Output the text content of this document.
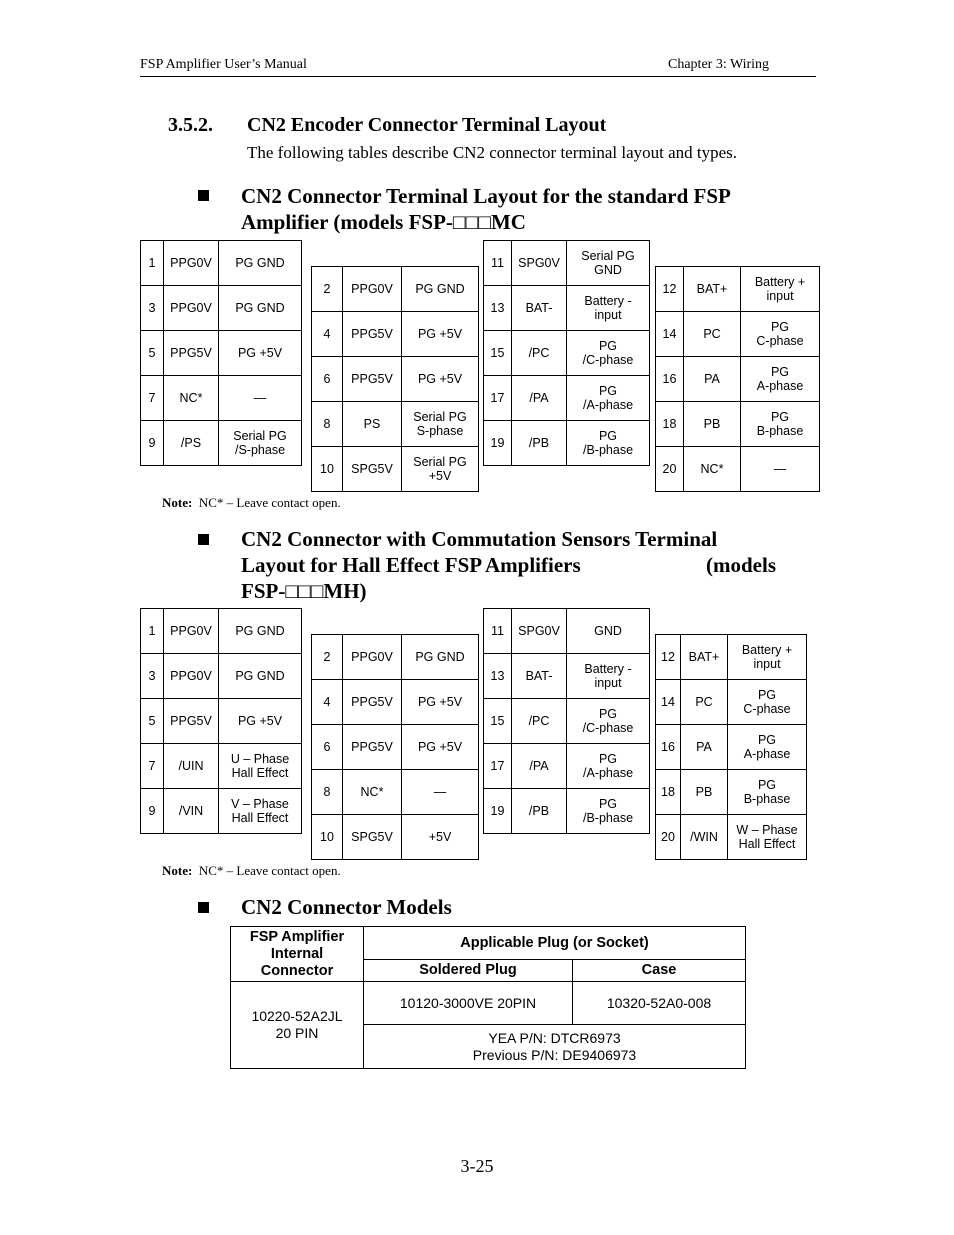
FSP Amplifier User’s Manual	Chapter 3: Wiring
3.5.2. CN2 Encoder Connector Terminal Layout
The following tables describe CN2 connector terminal layout and types.
CN2 Connector Terminal Layout for the standard FSP
Amplifier (models FSP-□□□MC
1	PPG0V	PG GND
3	PPG0V	PG GND
5	PPG5V	PG +5V
7	NC*	—
9	/PS	Serial PG
/S-phase
2	PPG0V	PG GND
4	PPG5V	PG +5V
6	PPG5V	PG +5V
8	PS	Serial PG
S-phase
10	SPG5V	Serial PG
+5V
11	SPG0V	Serial PG
GND
13	BAT-	Battery -
input
15	/PC	PG
/C-phase
17	/PA	PG
/A-phase
19	/PB	PG
/B-phase
12	BAT+	Battery +
input
14	PC	PG
C-phase
16	PA	PG
A-phase
18	PB	PG
B-phase
20	NC*	—
Note: NC* – Leave contact open.
CN2 Connector with Commutation Sensors Terminal
Layout for Hall Effect FSP Amplifiers	(models
FSP-□□□MH)
1	PPG0V	PG GND
3	PPG0V	PG GND
5	PPG5V	PG +5V
7	/UIN	U – Phase
Hall Effect
9	/VIN	V – Phase
Hall Effect
2	PPG0V	PG GND
4	PPG5V	PG +5V
6	PPG5V	PG +5V
8	NC*	—
10	SPG5V	+5V
11	SPG0V	GND
13	BAT-	Battery -
input
15	/PC	PG
/C-phase
17	/PA	PG
/A-phase
19	/PB	PG
/B-phase
12	BAT+	Battery +
input
14	PC	PG
C-phase
16	PA	PG
A-phase
18	PB	PG
B-phase
20	/WIN	W – Phase
Hall Effect
Note: NC* – Leave contact open.
CN2 Connector Models
FSP Amplifier
Internal
Connector	Applicable Plug (or Socket)	
	Soldered Plug	Case
10220-52A2JL
20 PIN	10120-3000VE 20PIN	10320-52A0-008
	YEA P/N: DTCR6973
Previous P/N: DE9406973	
3-25
